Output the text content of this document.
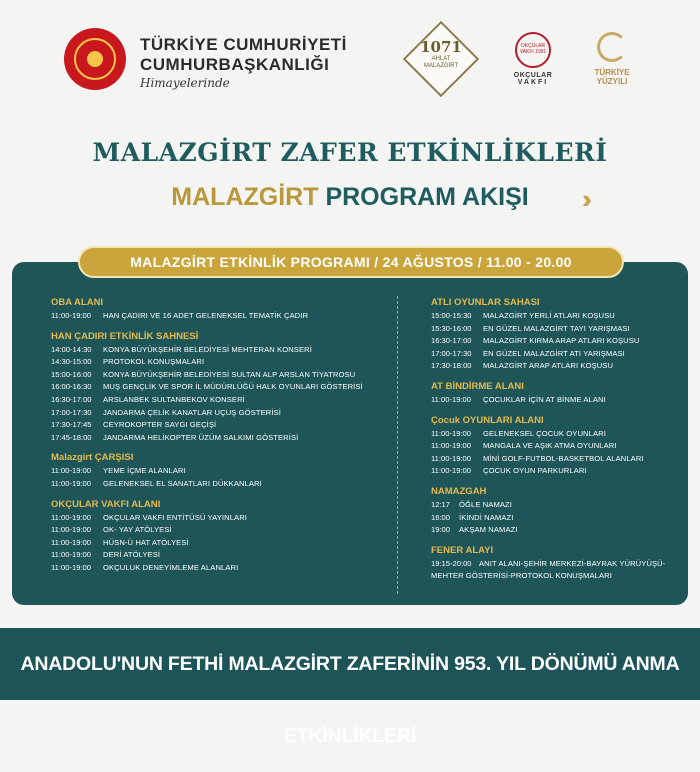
TÜRKİYE CUMHURİYETİ
CUMHURBAŞKANLIĞI
Himayelerinde
1071
AHLAT MALAZGİRT
OKÇULAR VAKFI 1991
OKÇULAR
VAKFI
TÜRKİYE
YÜZYILI
MALAZGİRT ZAFER ETKİNLİKLERİ
MALAZGİRT PROGRAM AKIŞI	›››
MALAZGİRT ETKİNLİK PROGRAMI / 24 AĞUSTOS / 11.00 - 20.00
OBA ALANI
11:00-19:00 HAN ÇADIRI VE 16 ADET GELENEKSEL TEMATİK ÇADIR
HAN ÇADIRI ETKİNLİK SAHNESİ
14:00-14:30 KONYA BÜYÜKŞEHİR BELEDİYESİ MEHTERAN KONSERİ
14:30-15:00 PROTOKOL KONUŞMALARI
15:00-16:00 KONYA BÜYÜKŞEHİR BELEDİYESİ SULTAN ALP ARSLAN TİYATROSU
16:00-16:30 MUŞ GENÇLİK VE SPOR İL MÜDÜRLÜĞÜ HALK OYUNLARI GÖSTERİSİ
16:30-17:00 ARSLANBEK SULTANBEKOV KONSERİ
17:00-17:30 JANDARMA ÇELİK KANATLAR UÇUŞ GÖSTERİSİ
17:30-17:45 CEYROKOPTER SAYGI GEÇİŞİ
17:45-18:00 JANDARMA HELİKOPTER ÜZÜM SALKIMI GÖSTERİSİ
Malazgirt ÇARŞISI
11:00-19:00 YEME İÇME ALANLARI
11:00-19:00 GELENEKSEL EL SANATLARI DÜKKANLARI
OKÇULAR VAKFI ALANI
11:00-19:00 OKÇULAR VAKFI ENTİTÜSÜ YAYINLARI
11:00-19:00 OK- YAY ATÖLYESİ
11:00-19:00 HÜSN-Ü HAT ATÖLYESİ
11:00-19:00 DERİ ATÖLYESİ
11:00-19:00 OKÇULUK DENEYİMLEME ALANLARI
ATLI OYUNLAR SAHASI
15:00-15:30 MALAZGİRT YERLİ ATLARI KOŞUSU
15:30-16:00 EN GÜZEL MALAZGİRT TAYI YARIŞMASI
16:30-17:00 MALAZGİRT KIRMA ARAP ATLARI KOŞUSU
17:00-17:30 EN GÜZEL MALAZGİRT ATI YARIŞMASI
17:30-18:00 MALAZGİRT ARAP ATLARI KOŞUSU
AT BİNDİRME ALANI
11:00-19:00 ÇOCUKLAR İÇİN AT BİNME ALANI
Çocuk OYUNLARI ALANI
11:00-19:00 GELENEKSEL ÇOCUK OYUNLARI
11:00-19:00 MANGALA VE AŞIK ATMA OYUNLARI
11:00-19:00 MİNİ GOLF-FUTBOL-BASKETBOL ALANLARI
11:00-19:00 ÇOCUK OYUN PARKURLARI
NAMAZGAH
12:17 ÖĞLE NAMAZI
16:00 İKİNDİ NAMAZI
19:00 AKŞAM NAMAZI
FENER ALAYI
19:15-20:00 ANIT ALANI-ŞEHİR MERKEZİ-BAYRAK YÜRÜYÜŞÜ-MEHTER GÖSTERİSİ-PROTOKOL KONUŞMALARI
ANADOLU'NUN FETHİ MALAZGİRT ZAFERİNİN 953. YIL DÖNÜMÜ ANMA ETKİNLİKLERİ
